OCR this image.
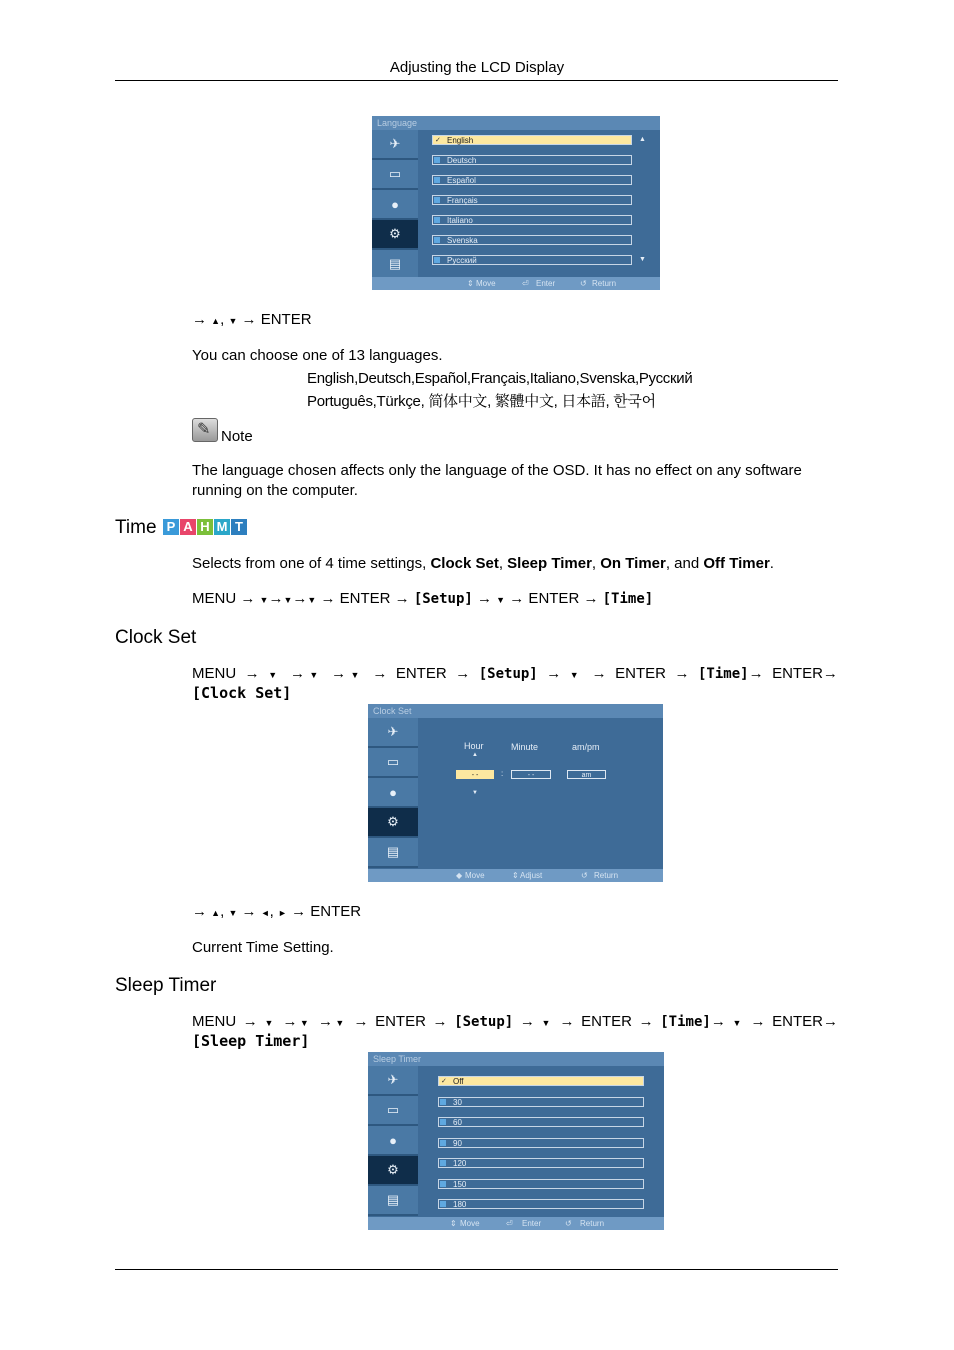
Adjusting the LCD Display
Language
✈
▭
●
⚙
▤
✓ English
Deutsch
Español
Français
Italiano
Svenska
Русский
▲
▼
⇕ Move	⏎ Enter	↺ Return
→ ▲, ▼ → ENTER
You can choose one of 13 languages.
English,Deutsch,Español,Français,Italiano,Svenska,Русский
Português,Türkçe, 简体中文, 繁體中文, 日本語, 한국어
✎
Note
The language chosen affects only the language of the OSD. It has no effect on any software running on the computer.
Time P A H M T
Selects from one of 4 time settings, Clock Set, Sleep Timer, On Timer, and Off Timer.
MENU → ▼→▼→▼ → ENTER → [Setup] → ▼ → ENTER → [Time]
Clock Set
MENU → ▼ →▼ →▼ → ENTER → [Setup] → ▼ → ENTER → [Time]→ ENTER→
[Clock Set]
Clock Set
✈
▭
●
⚙
▤
Hour	Minute	am/pm
▲
- -	:	- -	am
▼
◆ Move	⇕ Adjust	↺ Return
→ ▲, ▼ → ◄, ► → ENTER
Current Time Setting.
Sleep Timer
MENU → ▼ →▼ →▼ → ENTER → [Setup] → ▼ → ENTER → [Time]→ ▼ → ENTER→
[Sleep Timer]
Sleep Timer
✈
▭
●
⚙
▤
✓ Off
30
60
90
120
150
180
⇕ Move	⏎ Enter	↺ Return
